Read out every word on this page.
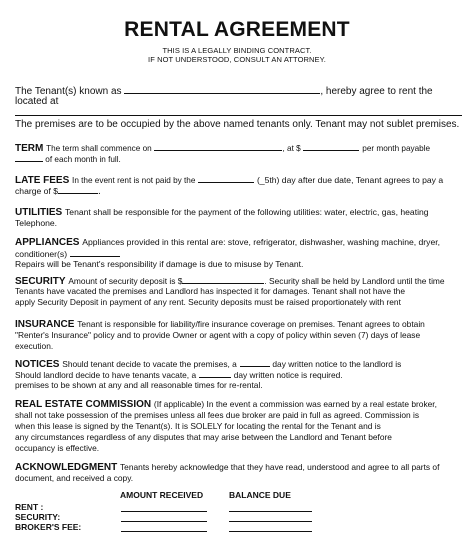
RENTAL AGREEMENT
THIS IS A LEGALLY BINDING CONTRACT.
IF NOT UNDERSTOOD, CONSULT AN ATTORNEY.
The Tenant(s) known as	, hereby agree to rent the
located at
The premises are to be occupied by the above named tenants only. Tenant may not sublet premises.
TERM The term shall commence on	, at $	per month payable
of each month in full.
LATE FEES In the event rent is not paid by the	(_5th) day after due date, Tenant agrees to pay a
charge of $	.
UTILITIES Tenant shall be responsible for the payment of the following utilities: water, electric, gas, heating
Telephone.
APPLIANCES Appliances provided in this rental are: stove, refrigerator, dishwasher, washing machine, dryer,
conditioner(s)
Repairs will be Tenant's responsibility if damage is due to misuse by Tenant.
SECURITY Amount of security deposit is $	. Security shall be held by Landlord until the time
Tenants have vacated the premises and Landlord has inspected it for damages. Tenant shall not have the
apply Security Deposit in payment of any rent. Security deposits must be raised proportionately with rent
INSURANCE Tenant is responsible for liability/fire insurance coverage on premises. Tenant agrees to obtain
"Renter's Insurance" policy and to provide Owner or agent with a copy of policy within seven (7) days of lease
execution.
NOTICES Should tenant decide to vacate the premises, a	day written notice to the landlord is
Should landlord decide to have tenants vacate, a	day written notice is required.
premises to be shown at any and all reasonable times for re-rental.
REAL ESTATE COMMISSION (If applicable) In the event a commission was earned by a real estate broker,
shall not take possession of the premises unless all fees due broker are paid in full as agreed. Commission is
when this lease is signed by the Tenant(s). It is SOLELY for locating the rental for the Tenant and is
any circumstances regardless of any disputes that may arise between the Landlord and Tenant before
occupancy is effective.
ACKNOWLEDGMENT Tenants hereby acknowledge that they have read, understood and agree to all parts of
document, and received a copy.
AMOUNT RECEIVED	BALANCE DUE
RENT :
SECURITY:
BROKER'S FEE:
